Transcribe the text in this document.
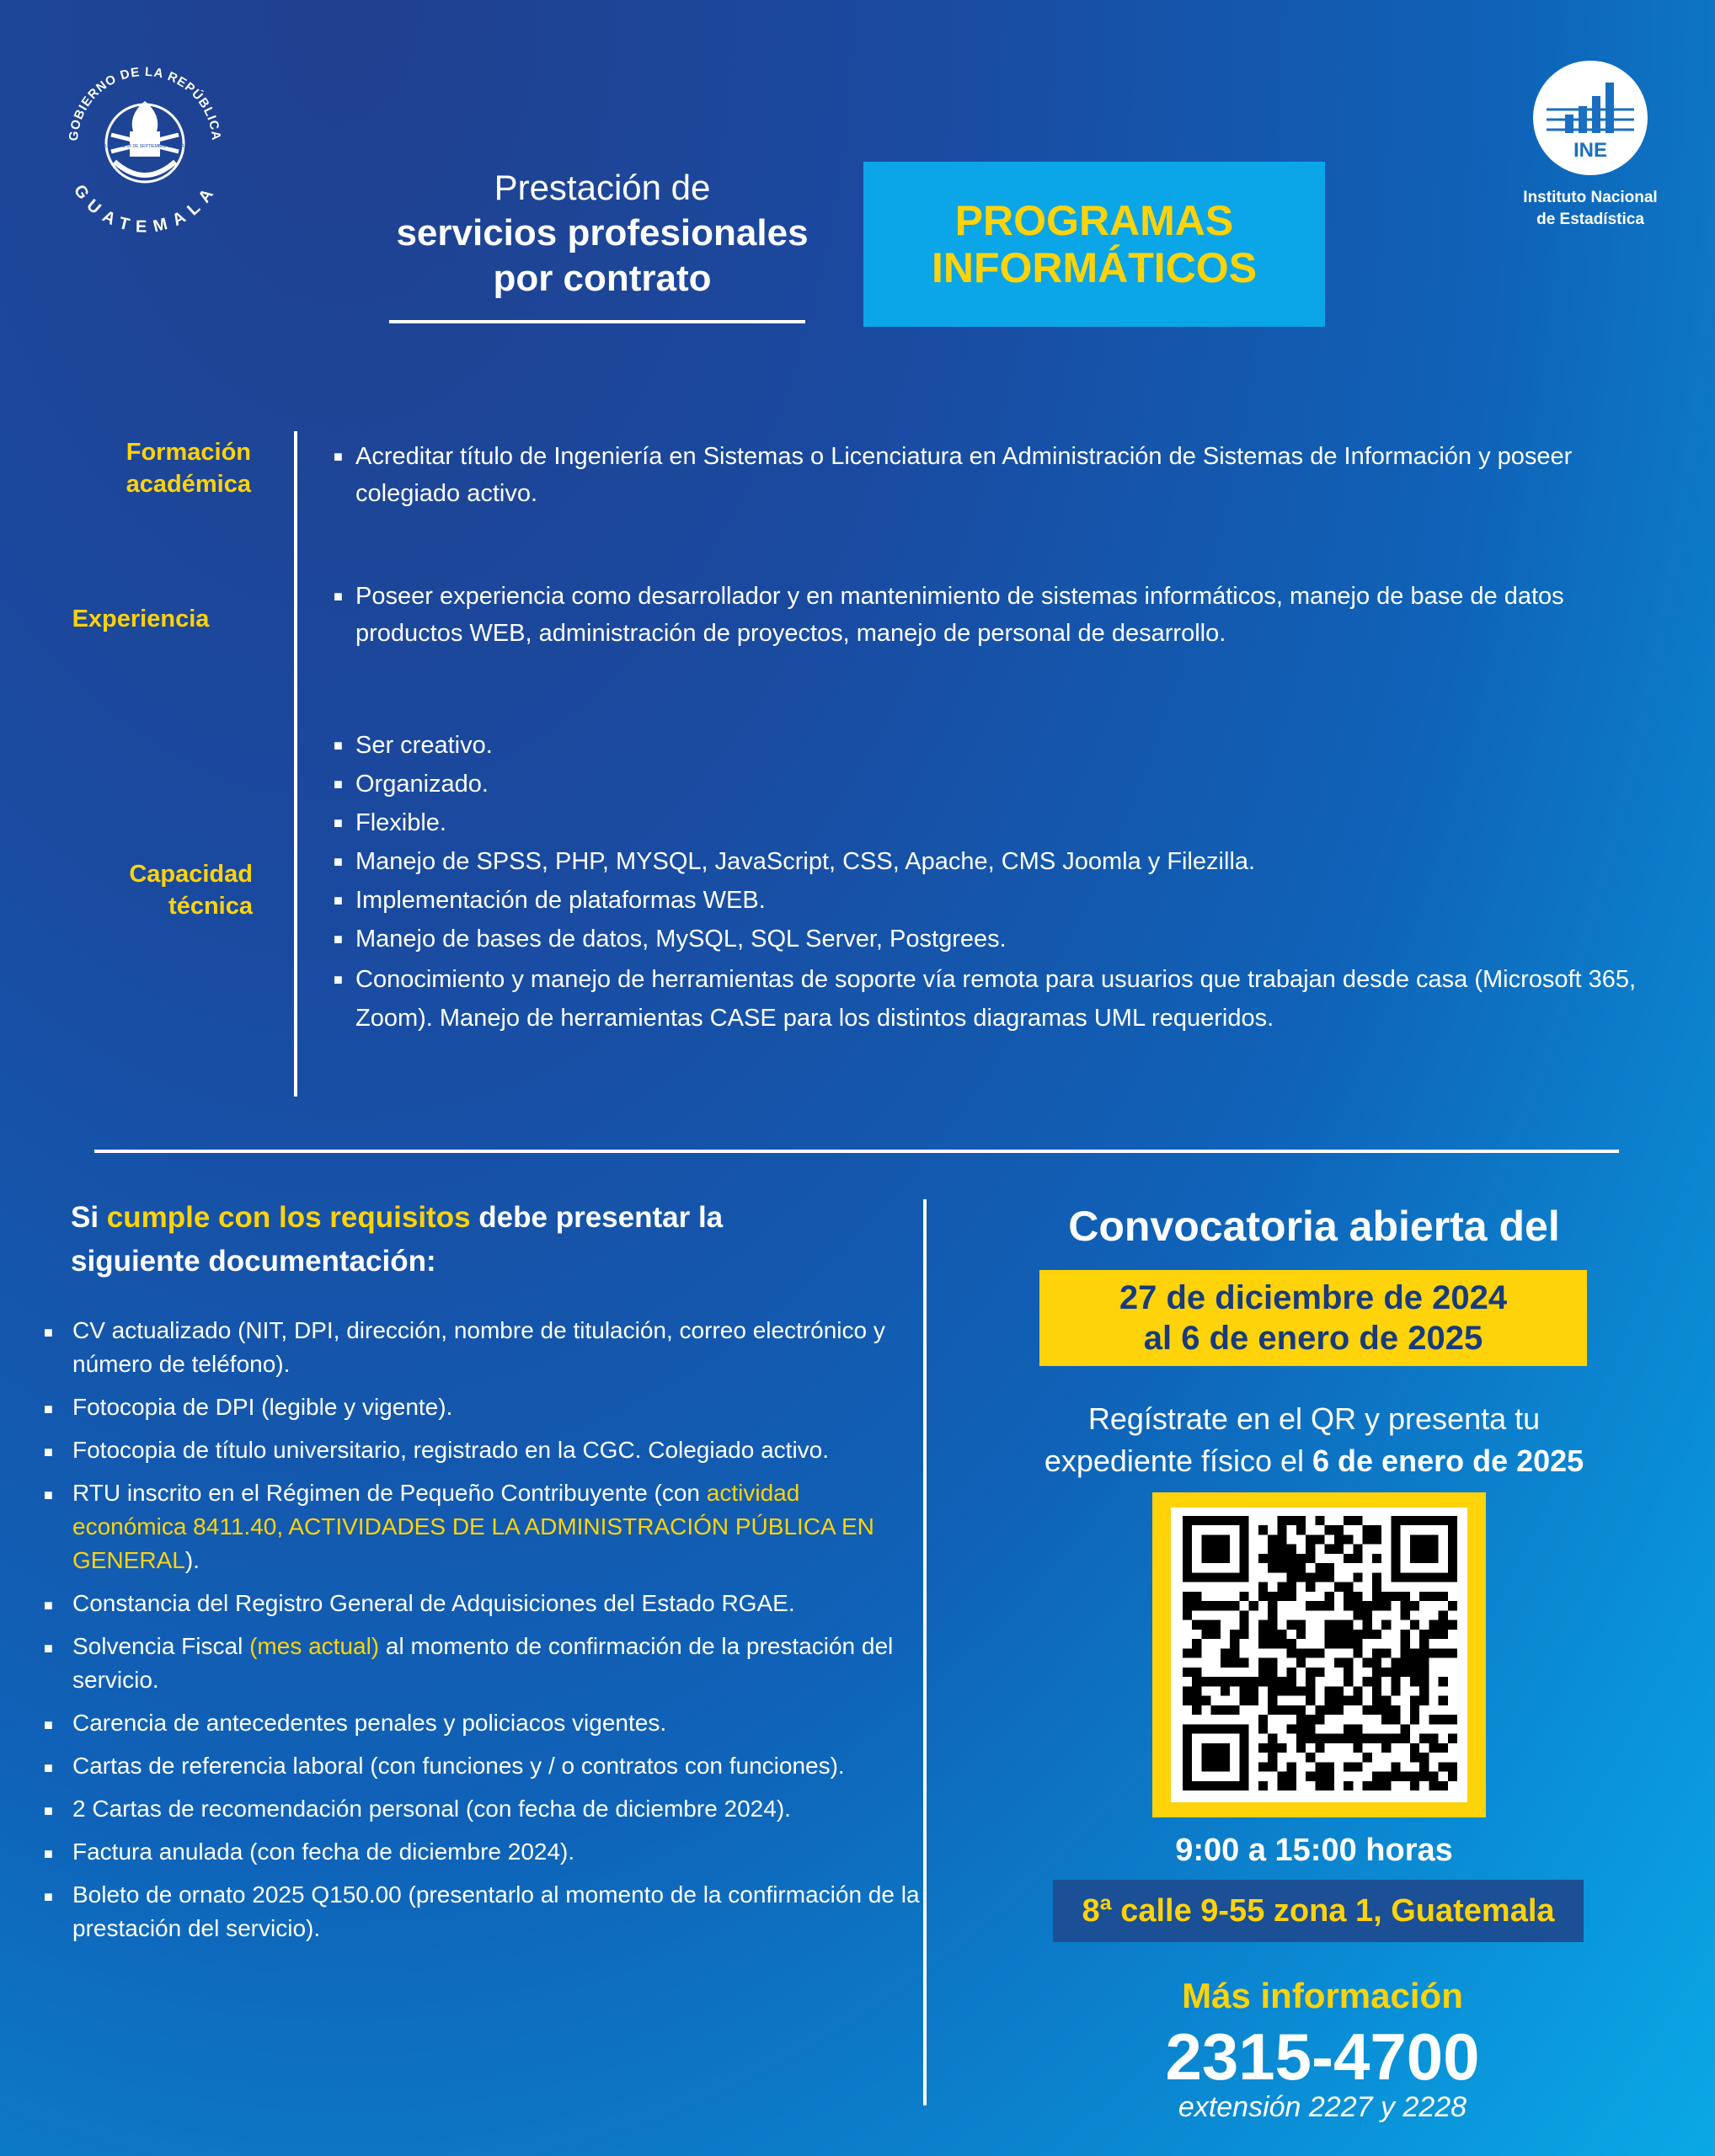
GOBIERNO DE LA REPÚBLICA
GUATEMALA
LIBERTAD 15 DE SEPTIEMBRE DE 1821
Prestación de
servicios profesionales
por contrato
PROGRAMAS INFORMÁTICOS
INE
Instituto Nacional
de Estadística
Formación académica
■ Acreditar título de Ingeniería en Sistemas o Licenciatura en Administración de Sistemas de Información y poseer colegiado activo.
Experiencia
■ Poseer experiencia como desarrollador y en mantenimiento de sistemas informáticos, manejo de base de datos productos WEB, administración de proyectos, manejo de personal de desarrollo.
Capacidad técnica
■ Ser creativo.
■ Organizado.
■ Flexible.
■ Manejo de SPSS, PHP, MYSQL, JavaScript, CSS, Apache, CMS Joomla y Filezilla.
■ Implementación de plataformas WEB.
■ Manejo de bases de datos, MySQL, SQL Server, Postgrees.
■ Conocimiento y manejo de herramientas de soporte vía remota para usuarios que trabajan desde casa (Microsoft 365, Zoom). Manejo de herramientas CASE para los distintos diagramas UML requeridos.
Si cumple con los requisitos debe presentar la siguiente documentación:
■ CV actualizado (NIT, DPI, dirección, nombre de titulación, correo electrónico y número de teléfono).
■ Fotocopia de DPI (legible y vigente).
■ Fotocopia de título universitario, registrado en la CGC. Colegiado activo.
■ RTU inscrito en el Régimen de Pequeño Contribuyente (con actividad económica 8411.40, ACTIVIDADES DE LA ADMINISTRACIÓN PÚBLICA EN GENERAL).
■ Constancia del Registro General de Adquisiciones del Estado RGAE.
■ Solvencia Fiscal (mes actual) al momento de confirmación de la prestación del servicio.
■ Carencia de antecedentes penales y policiacos vigentes.
■ Cartas de referencia laboral (con funciones y / o contratos con funciones).
■ 2 Cartas de recomendación personal (con fecha de diciembre 2024).
■ Factura anulada (con fecha de diciembre 2024).
■ Boleto de ornato 2025 Q150.00 (presentarlo al momento de la confirmación de la prestación del servicio).
Convocatoria abierta del
27 de diciembre de 2024
al 6 de enero de 2025
Regístrate en el QR y presenta tu
expediente físico el 6 de enero de 2025
9:00 a 15:00 horas
8ª calle 9-55 zona 1, Guatemala
Más información
2315-4700
extensión 2227 y 2228
